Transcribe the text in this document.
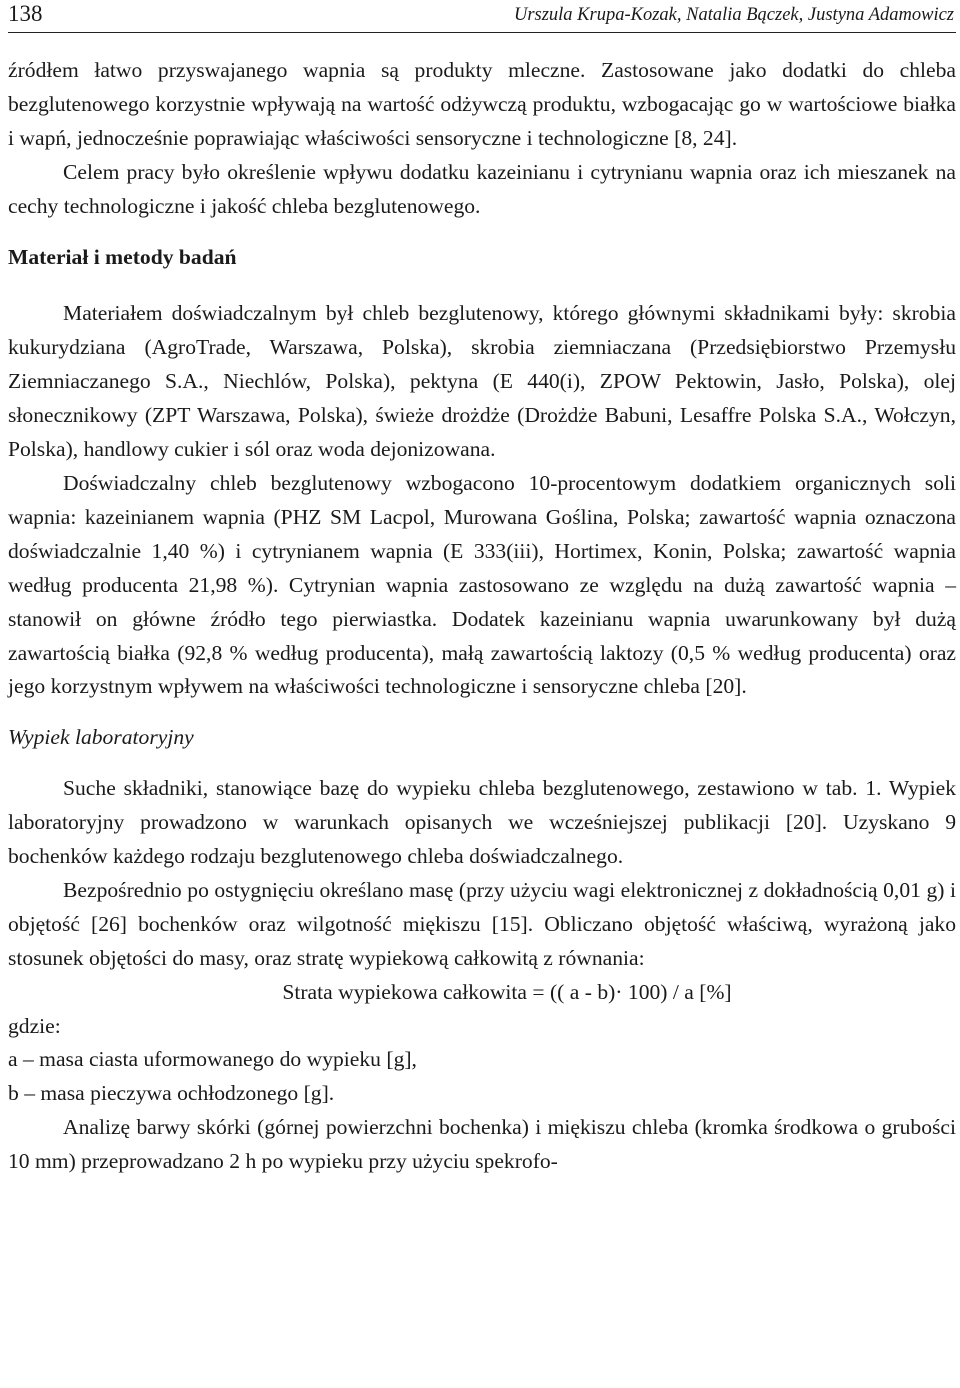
138	Urszula Krupa-Kozak, Natalia Bączek, Justyna Adamowicz

źródłem łatwo przyswajanego wapnia są produkty mleczne. Zastosowane jako dodatki do chleba bezglutenowego korzystnie wpływają na wartość odżywczą produktu, wzbogacając go w wartościowe białka i wapń, jednocześnie poprawiając właściwości sensoryczne i technologiczne [8, 24].

Celem pracy było określenie wpływu dodatku kazeinianu i cytrynianu wapnia oraz ich mieszanek na cechy technologiczne i jakość chleba bezglutenowego.

Materiał i metody badań

Materiałem doświadczalnym był chleb bezglutenowy, którego głównymi składnikami były: skrobia kukurydziana (AgroTrade, Warszawa, Polska), skrobia ziemniaczana (Przedsiębiorstwo Przemysłu Ziemniaczanego S.A., Niechlów, Polska), pektyna (E 440(i), ZPOW Pektowin, Jasło, Polska), olej słonecznikowy (ZPT Warszawa, Polska), świeże drożdże (Drożdże Babuni, Lesaffre Polska S.A., Wołczyn, Polska), handlowy cukier i sól oraz woda dejonizowana.

Doświadczalny chleb bezglutenowy wzbogacono 10-procentowym dodatkiem organicznych soli wapnia: kazeinianem wapnia (PHZ SM Lacpol, Murowana Goślina, Polska; zawartość wapnia oznaczona doświadczalnie 1,40 %) i cytrynianem wapnia (E 333(iii), Hortimex, Konin, Polska; zawartość wapnia według producenta 21,98 %). Cytrynian wapnia zastosowano ze względu na dużą zawartość wapnia – stanowił on główne źródło tego pierwiastka. Dodatek kazeinianu wapnia uwarunkowany był dużą zawartością białka (92,8 % według producenta), małą zawartością laktozy (0,5 % według producenta) oraz jego korzystnym wpływem na właściwości technologiczne i sensoryczne chleba [20].

Wypiek laboratoryjny

Suche składniki, stanowiące bazę do wypieku chleba bezglutenowego, zestawiono w tab. 1. Wypiek laboratoryjny prowadzono w warunkach opisanych we wcześniejszej publikacji [20]. Uzyskano 9 bochenków każdego rodzaju bezglutenowego chleba doświadczalnego.

Bezpośrednio po ostygnięciu określano masę (przy użyciu wagi elektronicznej z dokładnością 0,01 g) i objętość [26] bochenków oraz wilgotność miękiszu [15]. Obliczano objętość właściwą, wyrażoną jako stosunek objętości do masy, oraz stratę wypiekową całkowitą z równania:

Strata wypiekowa całkowita = (( a - b)· 100) / a [%]

gdzie:

a – masa ciasta uformowanego do wypieku [g],

b – masa pieczywa ochłodzonego [g].

Analizę barwy skórki (górnej powierzchni bochenka) i miękiszu chleba (kromka środkowa o grubości 10 mm) przeprowadzano 2 h po wypieku przy użyciu spekrofo-
